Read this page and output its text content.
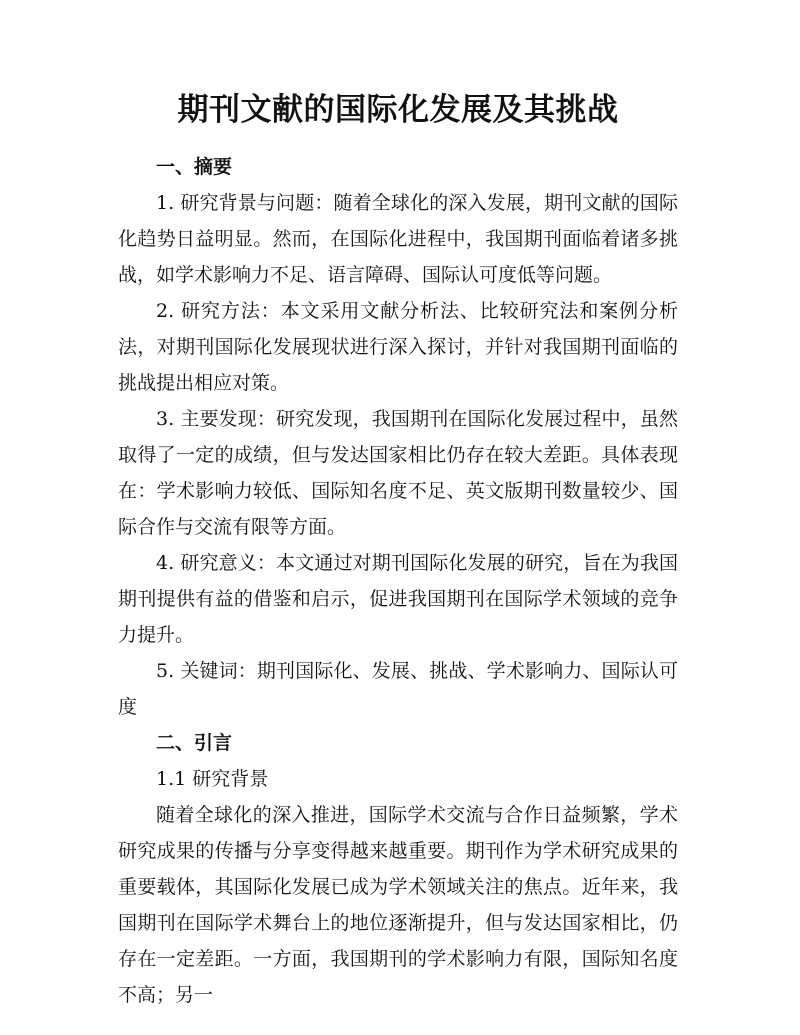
期刊文献的国际化发展及其挑战
一、摘要

1. 研究背景与问题：随着全球化的深入发展，期刊文献的国际化趋势日益明显。然而，在国际化进程中，我国期刊面临着诸多挑战，如学术影响力不足、语言障碍、国际认可度低等问题。

2. 研究方法：本文采用文献分析法、比较研究法和案例分析法，对期刊国际化发展现状进行深入探讨，并针对我国期刊面临的挑战提出相应对策。

3. 主要发现：研究发现，我国期刊在国际化发展过程中，虽然取得了一定的成绩，但与发达国家相比仍存在较大差距。具体表现在：学术影响力较低、国际知名度不足、英文版期刊数量较少、国际合作与交流有限等方面。

4. 研究意义：本文通过对期刊国际化发展的研究，旨在为我国期刊提供有益的借鉴和启示，促进我国期刊在国际学术领域的竞争力提升。

5. 关键词：期刊国际化、发展、挑战、学术影响力、国际认可度

二、引言

1.1 研究背景

随着全球化的深入推进，国际学术交流与合作日益频繁，学术研究成果的传播与分享变得越来越重要。期刊作为学术研究成果的重要载体，其国际化发展已成为学术领域关注的焦点。近年来，我国期刊在国际学术舞台上的地位逐渐提升，但与发达国家相比，仍存在一定差距。一方面，我国期刊的学术影响力有限，国际知名度不高；另一
